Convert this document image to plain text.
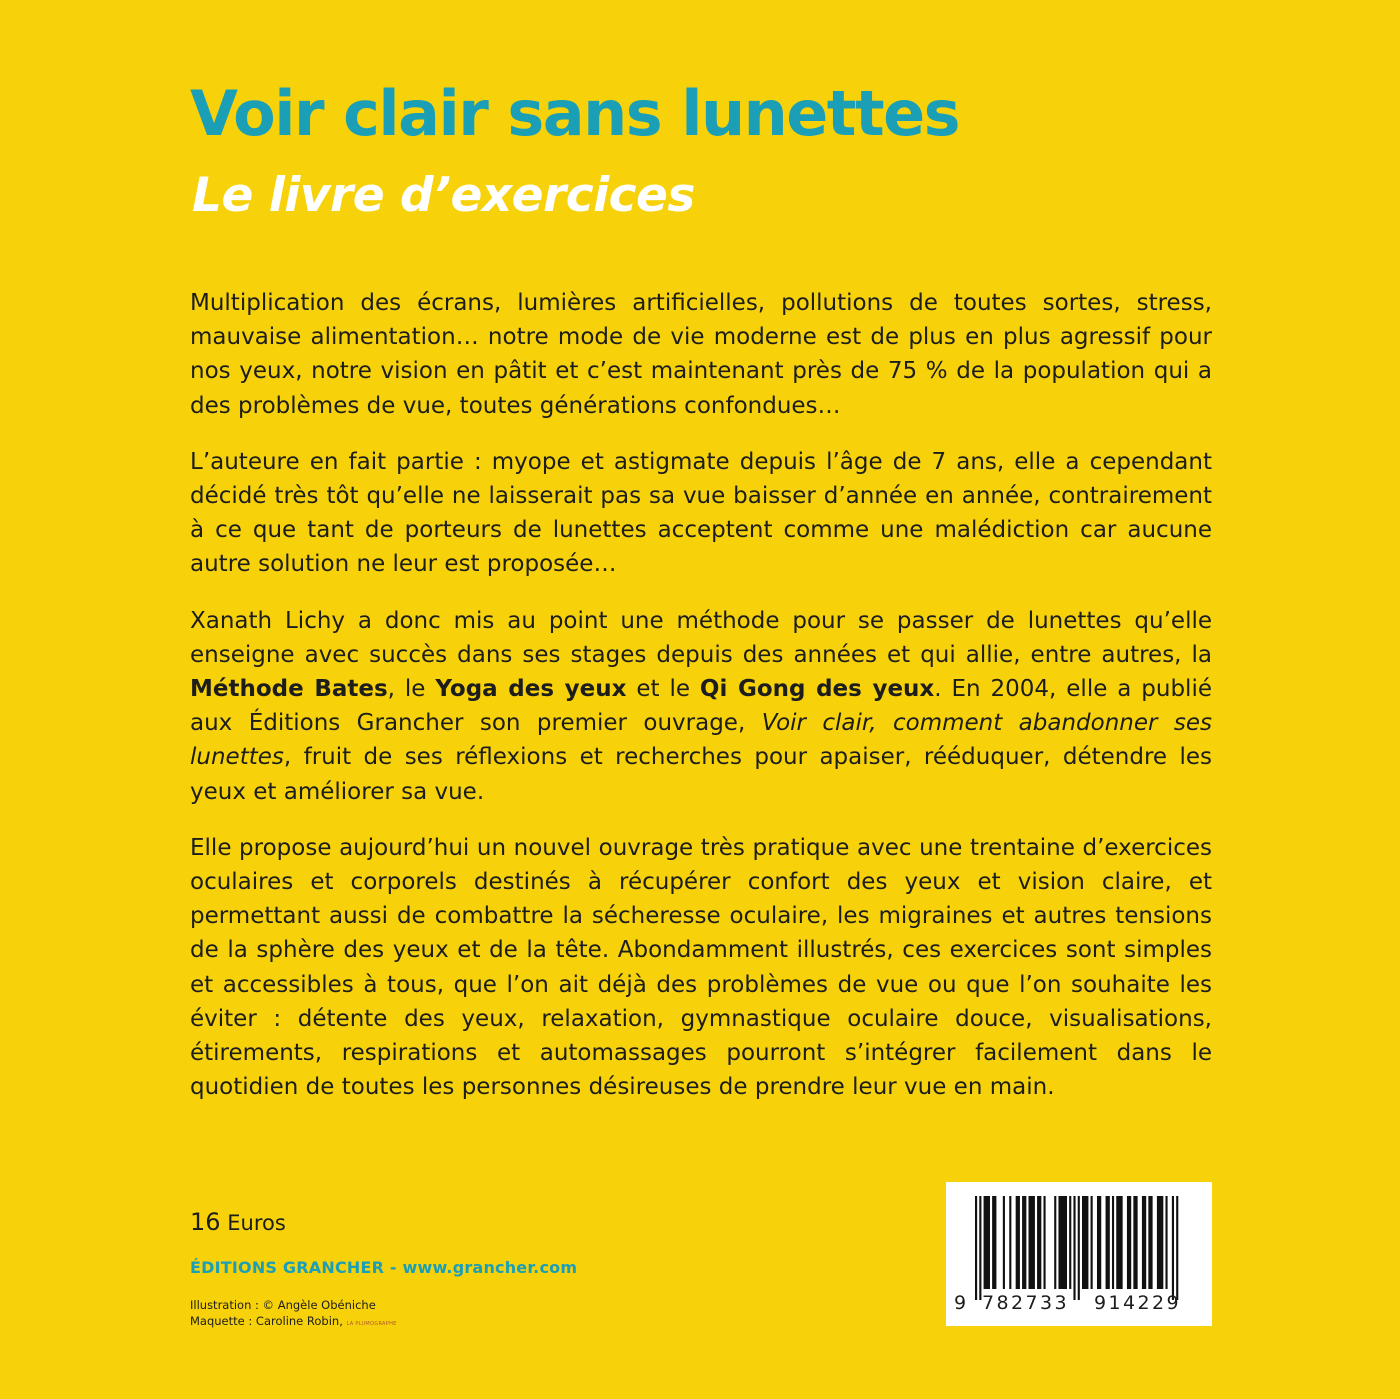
Voir clair sans lunettes
Le livre d’exercices

Multiplication des écrans, lumières artificielles, pollutions de toutes sortes, stress, mauvaise alimentation… notre mode de vie moderne est de plus en plus agressif pour nos yeux, notre vision en pâtit et c’est maintenant près de 75 % de la population qui a des problèmes de vue, toutes générations confondues…

L’auteure en fait partie : myope et astigmate depuis l’âge de 7 ans, elle a cependant décidé très tôt qu’elle ne laisserait pas sa vue baisser d’année en année, contrairement à ce que tant de porteurs de lunettes acceptent comme une malédiction car aucune autre solution ne leur est proposée…

Xanath Lichy a donc mis au point une méthode pour se passer de lunettes qu’elle enseigne avec succès dans ses stages depuis des années et qui allie, entre autres, la Méthode Bates, le Yoga des yeux et le Qi Gong des yeux. En 2004, elle a publié aux Éditions Grancher son premier ouvrage, Voir clair, comment abandonner ses lunettes, fruit de ses réflexions et recherches pour apaiser, rééduquer, détendre les yeux et améliorer sa vue.

Elle propose aujourd’hui un nouvel ouvrage très pratique avec une trentaine d’exercices oculaires et corporels destinés à récupérer confort des yeux et vision claire, et permettant aussi de combattre la sécheresse oculaire, les migraines et autres tensions de la sphère des yeux et de la tête. Abondamment illustrés, ces exercices sont simples et accessibles à tous, que l’on ait déjà des problèmes de vue ou que l’on souhaite les éviter : détente des yeux, relaxation, gymnastique oculaire douce, visualisations, étirements, respirations et automassages pourront s’intégrer facilement dans le quotidien de toutes les personnes désireuses de prendre leur vue en main.

16 Euros
ÉDITIONS GRANCHER - www.grancher.com
Illustration : © Angèle Obéniche
Maquette : Caroline Robin, LA PLUMOGRAPHE
9 782733 914229
